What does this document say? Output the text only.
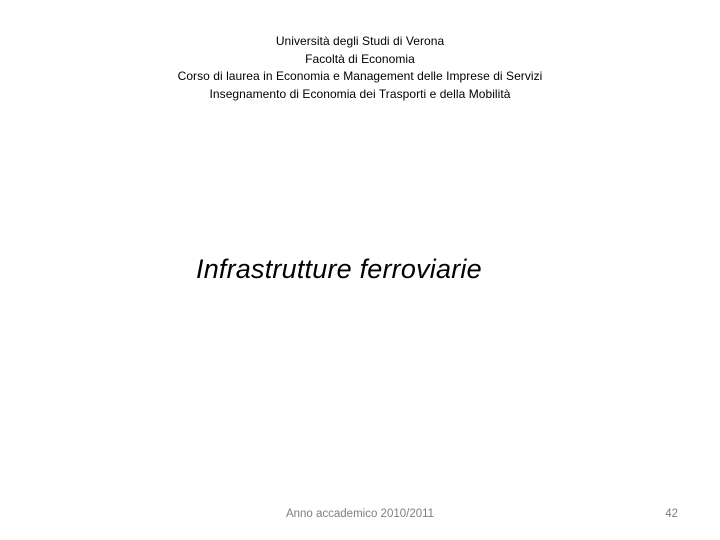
Università degli Studi di Verona
Facoltà di Economia
Corso di laurea in Economia e Management delle Imprese di Servizi
Insegnamento di Economia dei Trasporti e della Mobilità
Infrastrutture ferroviarie
Anno accademico 2010/2011	42
